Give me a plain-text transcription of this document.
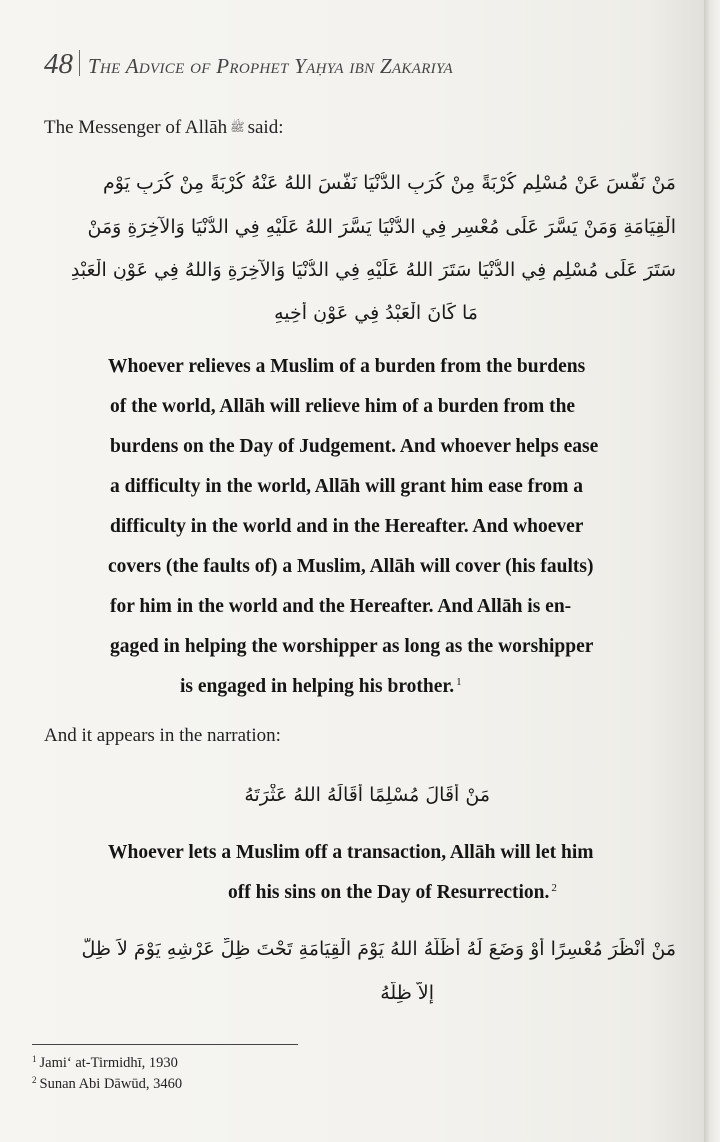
48 The Advice of Prophet Yaḥya ibn Zakariya
The Messenger of Allāh ﷺ said:
مَنْ نَفَّسَ عَنْ مُسْلِمٍ كُرْبَةً مِنْ كُرَبِ الدُّنْيَا نَفَّسَ اللهُ عَنْهُ كُرْبَةً مِنْ كُرَبِ يَوْمِ
الْقِيَامَةِ وَمَنْ يَسَّرَ عَلَى مُعْسِرٍ فِي الدُّنْيَا يَسَّرَ اللهُ عَلَيْهِ فِي الدُّنْيَا وَالآخِرَةِ وَمَنْ
سَتَرَ عَلَى مُسْلِمٍ فِي الدُّنْيَا سَتَرَ اللهُ عَلَيْهِ فِي الدُّنْيَا وَالآخِرَةِ وَاللهُ فِي عَوْنِ الْعَبْدِ
مَا كَانَ الْعَبْدُ فِي عَوْنِ أَخِيهِ
Whoever relieves a Muslim of a burden from the burdens
of the world, Allāh will relieve him of a burden from the
burdens on the Day of Judgement. And whoever helps ease
a difficulty in the world, Allāh will grant him ease from a
difficulty in the world and in the Hereafter. And whoever
covers (the faults of) a Muslim, Allāh will cover (his faults)
for him in the world and the Hereafter. And Allāh is en-
gaged in helping the worshipper as long as the worshipper
is engaged in helping his brother. $^1$
And it appears in the narration:
مَنْ أَقَالَ مُسْلِمًا أَقَالَهُ اللهُ عَثْرَتَهُ
Whoever lets a Muslim off a transaction, Allāh will let him
off his sins on the Day of Resurrection. $^2$
مَنْ أَنْظَرَ مُعْسِرًا أَوْ وَضَعَ لَهُ أَظَلَّهُ اللهُ يَوْمَ الْقِيَامَةِ تَحْتَ ظِلِّ عَرْشِهِ يَوْمَ لاَ ظِلَّ
إِلاَّ ظِلُّهُ
$^1$ Jami‘ at-Tirmidhī, 1930
$^2$ Sunan Abi Dāwūd, 3460
